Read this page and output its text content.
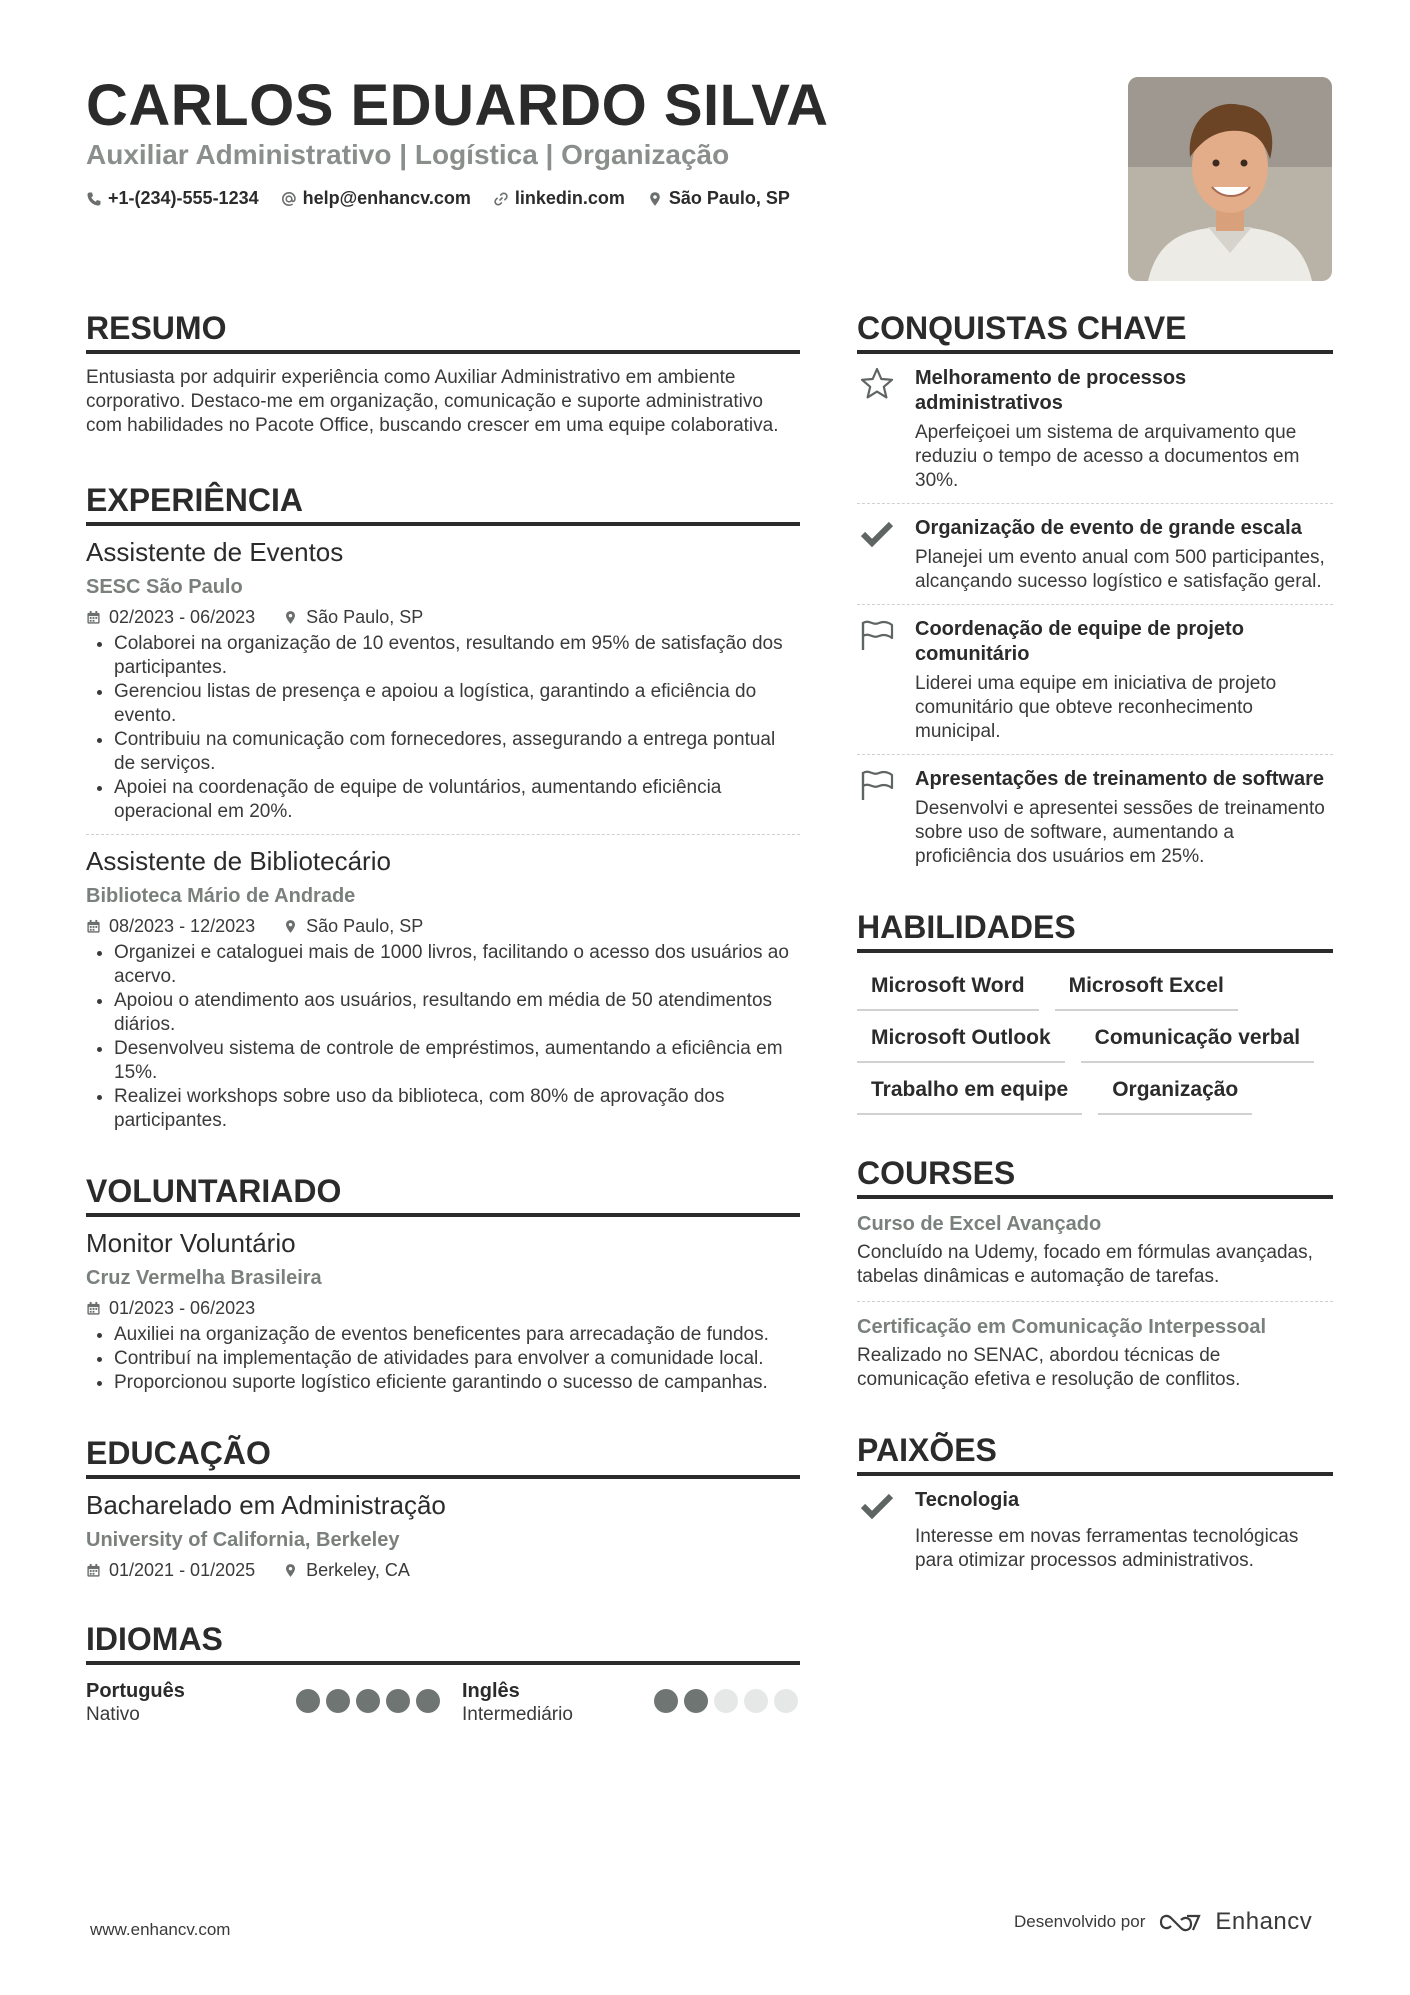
CARLOS EDUARDO SILVA
Auxiliar Administrativo | Logística | Organização
+1-(234)-555-1234 help@enhancv.com linkedin.com São Paulo, SP
RESUMO
Entusiasta por adquirir experiência como Auxiliar Administrativo em ambiente corporativo. Destaco-me em organização, comunicação e suporte administrativo com habilidades no Pacote Office, buscando crescer em uma equipe colaborativa.
EXPERIÊNCIA
Assistente de Eventos
SESC São Paulo
02/2023 - 06/2023	São Paulo, SP
• Colaborei na organização de 10 eventos, resultando em 95% de satisfação dos participantes.
• Gerenciou listas de presença e apoiou a logística, garantindo a eficiência do evento.
• Contribuiu na comunicação com fornecedores, assegurando a entrega pontual de serviços.
• Apoiei na coordenação de equipe de voluntários, aumentando eficiência operacional em 20%.
Assistente de Bibliotecário
Biblioteca Mário de Andrade
08/2023 - 12/2023	São Paulo, SP
• Organizei e cataloguei mais de 1000 livros, facilitando o acesso dos usuários ao acervo.
• Apoiou o atendimento aos usuários, resultando em média de 50 atendimentos diários.
• Desenvolveu sistema de controle de empréstimos, aumentando a eficiência em 15%.
• Realizei workshops sobre uso da biblioteca, com 80% de aprovação dos participantes.
VOLUNTARIADO
Monitor Voluntário
Cruz Vermelha Brasileira
01/2023 - 06/2023
• Auxiliei na organização de eventos beneficentes para arrecadação de fundos.
• Contribuí na implementação de atividades para envolver a comunidade local.
• Proporcionou suporte logístico eficiente garantindo o sucesso de campanhas.
EDUCAÇÃO
Bacharelado em Administração
University of California, Berkeley
01/2021 - 01/2025	Berkeley, CA
IDIOMAS
Português
Nativo
Inglês
Intermediário
CONQUISTAS CHAVE
Melhoramento de processos administrativos
Aperfeiçoei um sistema de arquivamento que reduziu o tempo de acesso a documentos em 30%.
Organização de evento de grande escala
Planejei um evento anual com 500 participantes, alcançando sucesso logístico e satisfação geral.
Coordenação de equipe de projeto comunitário
Liderei uma equipe em iniciativa de projeto comunitário que obteve reconhecimento municipal.
Apresentações de treinamento de software
Desenvolvi e apresentei sessões de treinamento sobre uso de software, aumentando a proficiência dos usuários em 25%.
HABILIDADES
Microsoft Word	Microsoft Excel
Microsoft Outlook	Comunicação verbal
Trabalho em equipe	Organização
COURSES
Curso de Excel Avançado
Concluído na Udemy, focado em fórmulas avançadas, tabelas dinâmicas e automação de tarefas.
Certificação em Comunicação Interpessoal
Realizado no SENAC, abordou técnicas de comunicação efetiva e resolução de conflitos.
PAIXÕES
Tecnologia
Interesse em novas ferramentas tecnológicas para otimizar processos administrativos.
www.enhancv.com	Desenvolvido por	Enhancv
